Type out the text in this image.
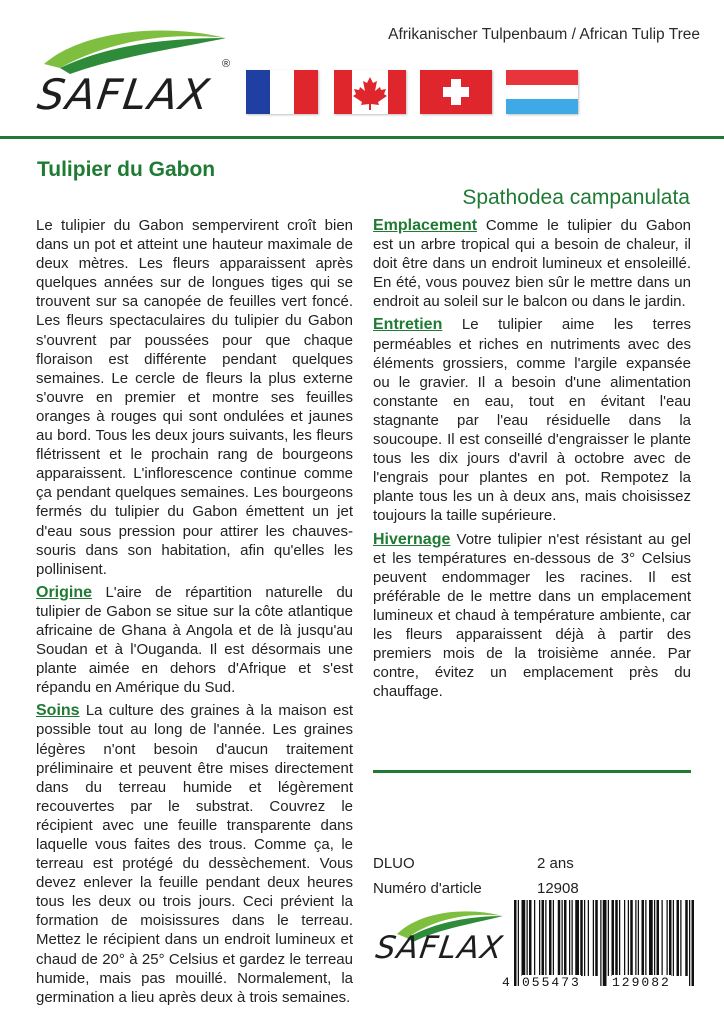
SAFLAX
®
Afrikanischer Tulpenbaum / African Tulip Tree
Tulipier du Gabon
Spathodea campanulata

Le tulipier du Gabon sempervirent croît bien dans un pot et atteint une hauteur maximale de deux mètres. Les fleurs apparaissent après quelques années sur de longues tiges qui se trouvent sur sa canopée de feuilles vert foncé. Les fleurs spectaculaires du tulipier du Gabon s'ouvrent par poussées pour que chaque floraison est différente pendant quelques semaines. Le cercle de fleurs la plus externe s'ouvre en premier et montre ses feuilles oranges à rouges qui sont ondulées et jaunes au bord. Tous les deux jours suivants, les fleurs flétrissent et le prochain rang de bourgeons apparaissent. L'inflorescence continue comme ça pendant quelques semaines. Les bourgeons fermés du tulipier du Gabon émettent un jet d'eau sous pression pour attirer les chauves-souris dans son habitation, afin qu'elles les pollinisent.

Origine L'aire de répartition naturelle du tulipier de Gabon se situe sur la côte atlantique africaine de Ghana à Angola et de là jusqu'au Soudan et à l'Ouganda. Il est désormais une plante aimée en dehors d'Afrique et s'est répandu en Amérique du Sud.

Soins La culture des graines à la maison est possible tout au long de l'année. Les graines légères n'ont besoin d'aucun traitement préliminaire et peuvent être mises directement dans du terreau humide et légèrement recouvertes par le substrat. Couvrez le récipient avec une feuille transparente dans laquelle vous faites des trous. Comme ça, le terreau est protégé du dessèchement. Vous devez enlever la feuille pendant deux heures tous les deux ou trois jours. Ceci prévient la formation de moisissures dans le terreau. Mettez le récipient dans un endroit lumineux et chaud de 20° à 25° Celsius et gardez le terreau humide, mais pas mouillé. Normalement, la germination a lieu après deux à trois semaines.

Emplacement Comme le tulipier du Gabon est un arbre tropical qui a besoin de chaleur, il doit être dans un endroit lumineux et ensoleillé. En été, vous pouvez bien sûr le mettre dans un endroit au soleil sur le balcon ou dans le jardin.

Entretien Le tulipier aime les terres perméables et riches en nutriments avec des éléments grossiers, comme l'argile expansée ou le gravier. Il a besoin d'une alimentation constante en eau, tout en évitant l'eau stagnante par l'eau résiduelle dans la soucoupe. Il est conseillé d'engraisser le plante tous les dix jours d'avril à octobre avec de l'engrais pour plantes en pot. Rempotez la plante tous les un à deux ans, mais choisissez toujours la taille supérieure.

Hivernage Votre tulipier n'est résistant au gel et les températures en-dessous de 3° Celsius peuvent endommager les racines. Il est préférable de le mettre dans un emplacement lumineux et chaud à température ambiente, car les fleurs apparaissent déjà à partir des premiers mois de la troisième année. Par contre, évitez un emplacement près du chauffage.

DLUO	2 ans
Numéro d'article	12908
4 055473 129082
SAFLAX
